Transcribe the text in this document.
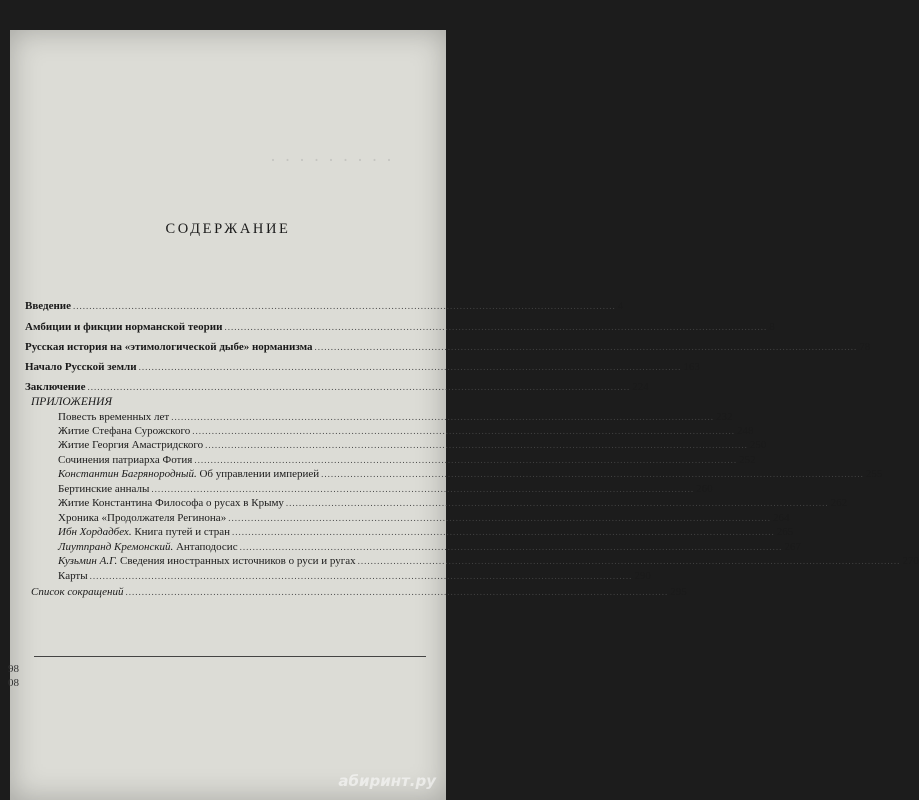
· · · · · · · · ·
СОДЕРЖАНИЕ
Введение .....	4
Амбиции и фикции норманской теории .....	8
Русская история на «этимологической дыбе» норманизма .....	78
Начало Русской земли .....	163
Заключение .....	224
ПРИЛОЖЕНИЯ
Повесть временных лет .....	232
Житие Стефана Сурожского .....	248
Житие Георгия Амастридского .....	250
Сочинения патриарха Фотия .....	252
Константин Багрянородный. Об управлении империей .....	255
Бертинские анналы .....	260
Житие Константина Философа о русах в Крыму .....	262
Хроника «Продолжателя Регинона» .....	264
Ибн Хордадбех. Книга путей и стран .....	265
Лиутпранд Кремонский. Антаподосис .....	267
Кузьмин А.Г. Сведения иностранных источников о руси и ругах .....	270
Карты .....	290
Список сокращений .....	295
98
08
абиринт.ру
